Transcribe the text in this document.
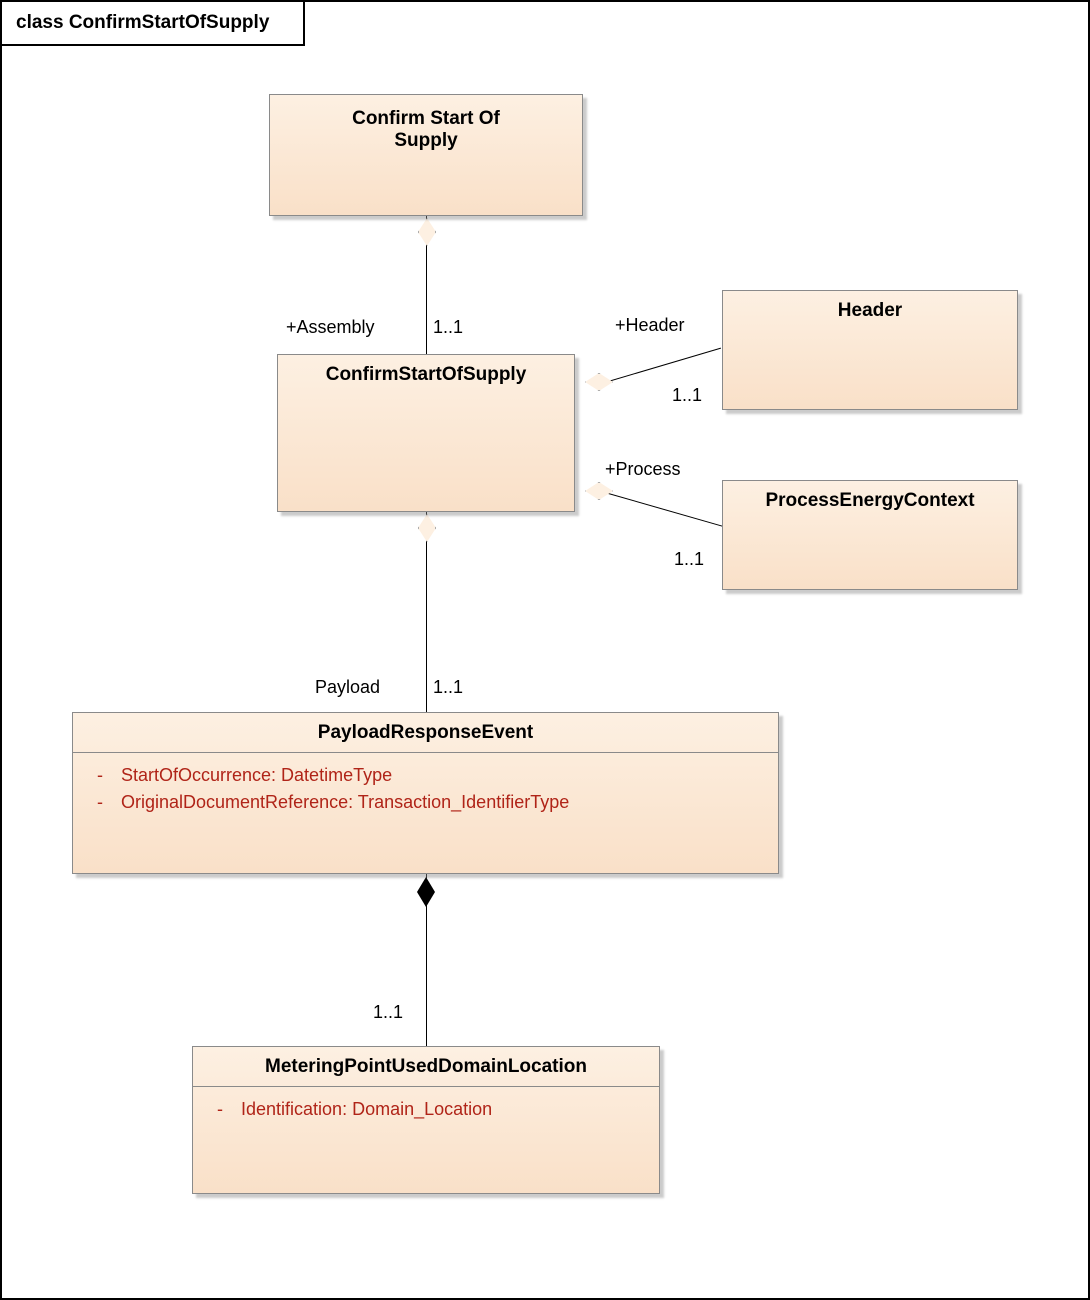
class ConfirmStartOfSupply
+Assembly	1..1	+Header
1..1
+Process
1..1
Payload	1..1
1..1
Confirm Start Of
Supply
ConfirmStartOfSupply
Header
ProcessEnergyContext
PayloadResponseEvent
-	StartOfOccurrence: DatetimeType
-	OriginalDocumentReference: Transaction_IdentifierType
MeteringPointUsedDomainLocation
-	Identification: Domain_Location
